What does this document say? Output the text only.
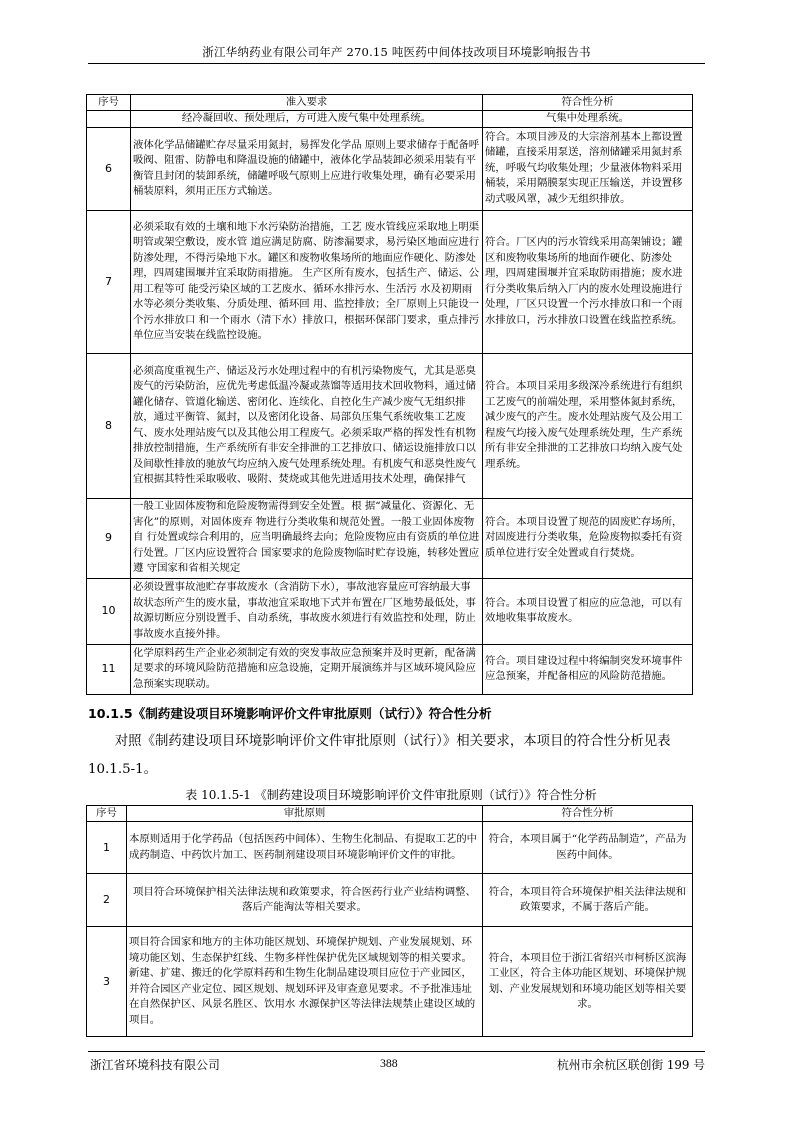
浙江华纳药业有限公司年产 270.15 吨医药中间体技改项目环境影响报告书
序号	准入要求	符合性分析
	经冷凝回收、预处理后，方可进入废气集中处理系统。	气集中处理系统。
6	液体化学品储罐贮存尽量采用氮封，易挥发化学品 原则上要求储存于配备呼吸阀、阻雷、防静电和降温设施的储罐中，液体化学品装卸必须采用装有平衡管且封闭的装卸系统，储罐呼吸气原则上应进行收集处理，确有必要采用桶装原料，须用正压方式输送。	符合。本项目涉及的大宗溶剂基本上都设置储罐，直接采用泵送，溶剂储罐采用氮封系统，呼吸气均收集处理；少量液体物料采用桶装，采用隔膜泵实现正压输送，并设置移动式吸风罩，减少无组织排放。
7	必须采取有效的土壤和地下水污染防治措施，工艺 废水管线应采取地上明渠明管或架空敷设，废水管 道应满足防腐、防渗漏要求，易污染区地面应进行防渗处理，不得污染地下水。罐区和废物收集场所的地面应作硬化、防渗处理，四周建围堰并宜采取防雨措施。 生产区所有废水，包括生产、储运、公用工程等可 能受污染区域的工艺废水、循环水排污水、生活污 水及初期雨水等必须分类收集、分质处理、循环回 用、监控排放；全厂原则上只能设一个污水排放口 和一个雨水（清下水）排放口，根据环保部门要求，重点排污单位应当安装在线监控设施。	符合。厂区内的污水管线采用高架铺设；罐区和废物收集场所的地面作硬化、防渗处理，四周建围堰并宜采取防雨措施；废水进行分类收集后纳入厂内的废水处理设施进行处理，厂区只设置一个污水排放口和一个雨水排放口，污水排放口设置在线监控系统。
8	必须高度重视生产、储运及污水处理过程中的有机污染物废气，尤其是恶臭废气的污染防治，应优先考虑低温冷凝或蒸馏等适用技术回收物料，通过储罐化储存、管道化输送、密闭化、连续化、自控化生产减少废气无组织排放，通过平衡管、氮封，以及密闭化设备、局部负压集气系统收集工艺废气、废水处理站废气以及其他公用工程废气。必须采取严格的挥发性有机物排放控制措施，生产系统所有非安全排泄的工艺排放口、储运设施排放口以及间歇性排放的驰放气均应纳入废气处理系统处理。有机废气和恶臭性废气宜根据其特性采取吸收、吸附、焚烧或其他先进适用技术处理，确保排气	符合。本项目采用多级深冷系统进行有组织工艺废气的前端处理，采用整体氮封系统，减少废气的产生。废水处理站废气及公用工程废气均接入废气处理系统处理，生产系统所有非安全排泄的工艺排放口均纳入废气处理系统。
9	一般工业固体废物和危险废物需得到安全处置。根 据“减量化、资源化、无害化”的原则，对固体废弃 物进行分类收集和规范处置。一般工业固体废物自 行处置或综合利用的，应当明确最终去向；危险废物应由有资质的单位进行处置。厂区内应设置符合 国家要求的危险废物临时贮存设施，转移处置应遵 守国家和省相关规定	符合。本项目设置了规范的固废贮存场所，对固废进行分类收集，危险废物拟委托有资质单位进行安全处置或自行焚烧。
10	必须设置事故池贮存事故废水（含消防下水），事故池容量应可容纳最大事故状态所产生的废水量，事故池宜采取地下式并布置在厂区地势最低处，事故源切断应分别设置手、自动系统，事故废水须进行有效监控和处理，防止事故废水直接外排。	符合。本项目设置了相应的应急池，可以有效地收集事故废水。
11	化学原料药生产企业必须制定有效的突发事故应急预案并及时更新，配备满足要求的环境风险防范措施和应急设施，定期开展演练并与区域环境风险应急预案实现联动。	符合。项目建设过程中将编制突发环境事件应急预案，并配备相应的风险防范措施。
10.1.5《制药建设项目环境影响评价文件审批原则（试行）》符合性分析
对照《制药建设项目环境影响评价文件审批原则（试行）》相关要求，本项目的符合性分析见表 10.1.5-1。
表 10.1.5-1 《制药建设项目环境影响评价文件审批原则（试行）》符合性分析
序号	审批原则	符合性分析
1	本原则适用于化学药品（包括医药中间体）、生物生化制品、有提取工艺的中成药制造、中药饮片加工、医药制剂建设项目环境影响评价文件的审批。	符合，本项目属于“化学药品制造”，产品为医药中间体。
2	项目符合环境保护相关法律法规和政策要求，符合医药行业产业结构调整、落后产能淘汰等相关要求。	符合，本项目符合环境保护相关法律法规和政策要求，不属于落后产能。
3	项目符合国家和地方的主体功能区规划、环境保护规划、产业发展规划、环境功能区划、生态保护红线、生物多样性保护优先区域规划等的相关要求。 新建、扩建、搬迁的化学原料药和生物生化制品建设项目应位于产业园区，并符合园区产业定位、园区规划、规划环评及审查意见要求。不予批准违址在自然保护区、风景名胜区、饮用水 水源保护区等法律法规禁止建设区域的项目。	符合，本项目位于浙江省绍兴市柯桥区滨海工业区，符合主体功能区规划、环境保护规划、产业发展规划和环境功能区划等相关要求。
浙江省环境科技有限公司	388	杭州市余杭区联创街 199 号
